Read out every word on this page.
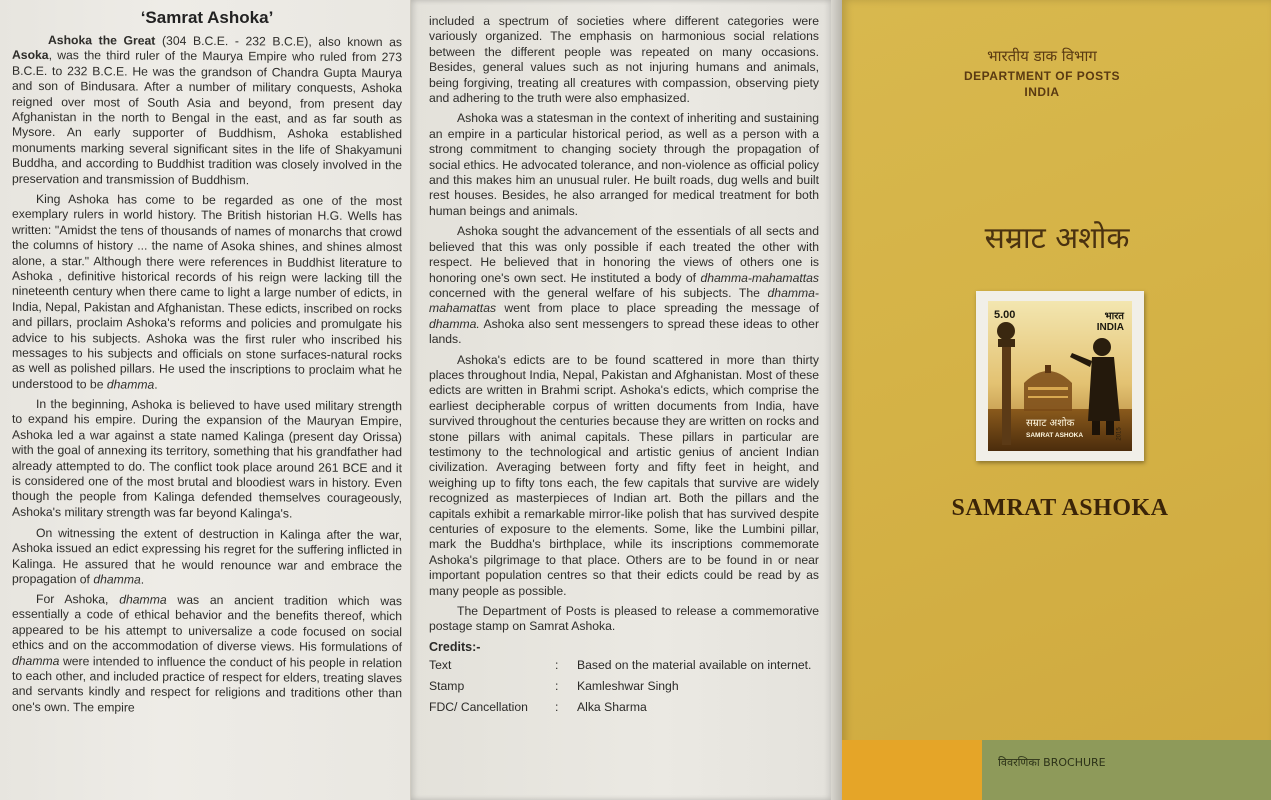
‘Samrat Ashoka’

Ashoka the Great (304 B.C.E. - 232 B.C.E), also known as Asoka, was the third ruler of the Maurya Empire who ruled from 273 B.C.E. to 232 B.C.E. He was the grandson of Chandra Gupta Maurya and son of Bindusara. After a number of military conquests, Ashoka reigned over most of South Asia and beyond, from present day Afghanistan in the north to Bengal in the east, and as far south as Mysore. An early supporter of Buddhism, Ashoka established monuments marking several significant sites in the life of Shakyamuni Buddha, and according to Buddhist tradition was closely involved in the preservation and transmission of Buddhism.

King Ashoka has come to be regarded as one of the most exemplary rulers in world history. The British historian H.G. Wells has written: "Amidst the tens of thousands of names of monarchs that crowd the columns of history ... the name of Asoka shines, and shines almost alone, a star." Although there were references in Buddhist literature to Ashoka , definitive historical records of his reign were lacking till the nineteenth century when there came to light a large number of edicts, in India, Nepal, Pakistan and Afghanistan. These edicts, inscribed on rocks and pillars, proclaim Ashoka's reforms and policies and promulgate his advice to his subjects. Ashoka was the first ruler who inscribed his messages to his subjects and officials on stone surfaces-natural rocks as well as polished pillars. He used the inscriptions to proclaim what he understood to be dhamma.

In the beginning, Ashoka is believed to have used military strength to expand his empire. During the expansion of the Mauryan Empire, Ashoka led a war against a state named Kalinga (present day Orissa) with the goal of annexing its territory, something that his grandfather had already attempted to do. The conflict took place around 261 BCE and it is considered one of the most brutal and bloodiest wars in history. Even though the people from Kalinga defended themselves courageously, Ashoka's military strength was far beyond Kalinga's.

On witnessing the extent of destruction in Kalinga after the war, Ashoka issued an edict expressing his regret for the suffering inflicted in Kalinga. He assured that he would renounce war and embrace the propagation of dhamma.

For Ashoka, dhamma was an ancient tradition which was essentially a code of ethical behavior and the benefits thereof, which appeared to be his attempt to universalize a code focused on social ethics and on the accommodation of diverse views. His formulations of dhamma were intended to influence the conduct of his people in relation to each other, and included practice of respect for elders, treating slaves and servants kindly and respect for religions and traditions other than one's own. The empire

included a spectrum of societies where different categories were variously organized. The emphasis on harmonious social relations between the different people was repeated on many occasions. Besides, general values such as not injuring humans and animals, being forgiving, treating all creatures with compassion, observing piety and adhering to the truth were also emphasized.

Ashoka was a statesman in the context of inheriting and sustaining an empire in a particular historical period, as well as a person with a strong commitment to changing society through the propagation of social ethics. He advocated tolerance, and non-violence as official policy and this makes him an unusual ruler. He built roads, dug wells and built rest houses. Besides, he also arranged for medical treatment for both human beings and animals.

Ashoka sought the advancement of the essentials of all sects and believed that this was only possible if each treated the other with respect. He believed that in honoring the views of others one is honoring one's own sect. He instituted a body of dhamma-mahamattas concerned with the general welfare of his subjects. The dhamma-mahamattas went from place to place spreading the message of dhamma. Ashoka also sent messengers to spread these ideas to other lands.

Ashoka's edicts are to be found scattered in more than thirty places throughout India, Nepal, Pakistan and Afghanistan. Most of these edicts are written in Brahmi script. Ashoka's edicts, which comprise the earliest decipherable corpus of written documents from India, have survived throughout the centuries because they are written on rocks and stone pillars with animal capitals. These pillars in particular are testimony to the technological and artistic genius of ancient Indian civilization. Averaging between forty and fifty feet in height, and weighing up to fifty tons each, the few capitals that survive are widely recognized as masterpieces of Indian art. Both the pillars and the capitals exhibit a remarkable mirror-like polish that has survived despite centuries of exposure to the elements. Some, like the Lumbini pillar, mark the Buddha's birthplace, while its inscriptions commemorate Ashoka's pilgrimage to that place. Others are to be found in or near important population centres so that their edicts could be read by as many people as possible.

The Department of Posts is pleased to release a commemorative postage stamp on Samrat Ashoka.

Credits:-
Text	:	Based on the material available on internet.
Stamp	:	Kamleshwar Singh
FDC/ Cancellation	:	Alka Sharma
भारतीय डाक विभाग
DEPARTMENT OF POSTS
INDIA
सम्राट अशोक
5.00	भारत
INDIA
सम्राट अशोक
SAMRAT ASHOKA	2015
SAMRAT ASHOKA
विवरणिका BROCHURE
